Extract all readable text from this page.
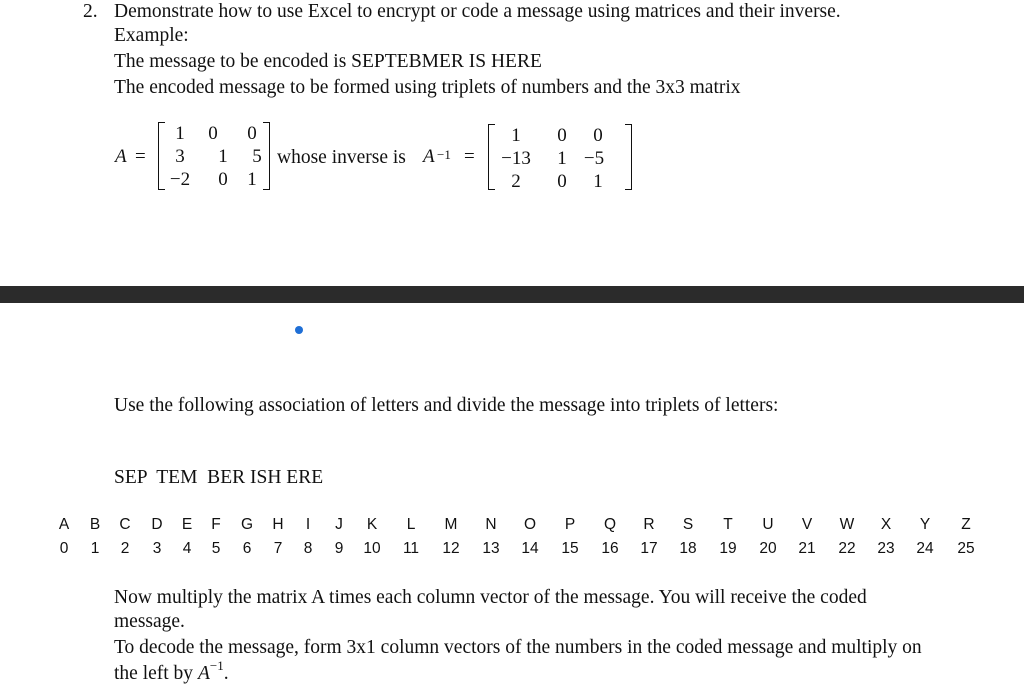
2. Demonstrate how to use Excel to encrypt or code a message using matrices and their inverse.
Example:
The message to be encoded is SEPTEBMER IS HERE
The encoded message to be formed using triplets of numbers and the 3x3 matrix
A =
1	0	0
3	1	5
−2	0	1
whose inverse is A $_{-1}$ =
1	0	0
−13	1 −5
2	0	1
Use the following association of letters and divide the message into triplets of letters:
SEP  TEM  BER ISH ERE
A	B	C	D	E	F	G	H	I	J	K	L	M	N	O	P	Q	R	S	T	U	V	W	X	Y	Z
0	1	2	3	4	5	6	7	8	9	10	11	12	13	14	15	16	17	18	19	20	21	22	23	24	25
Now multiply the matrix A times each column vector of the message. You will receive the coded
message.
To decode the message, form 3x1 column vectors of the numbers in the coded message and multiply on
the left by $A^{-1}$.
